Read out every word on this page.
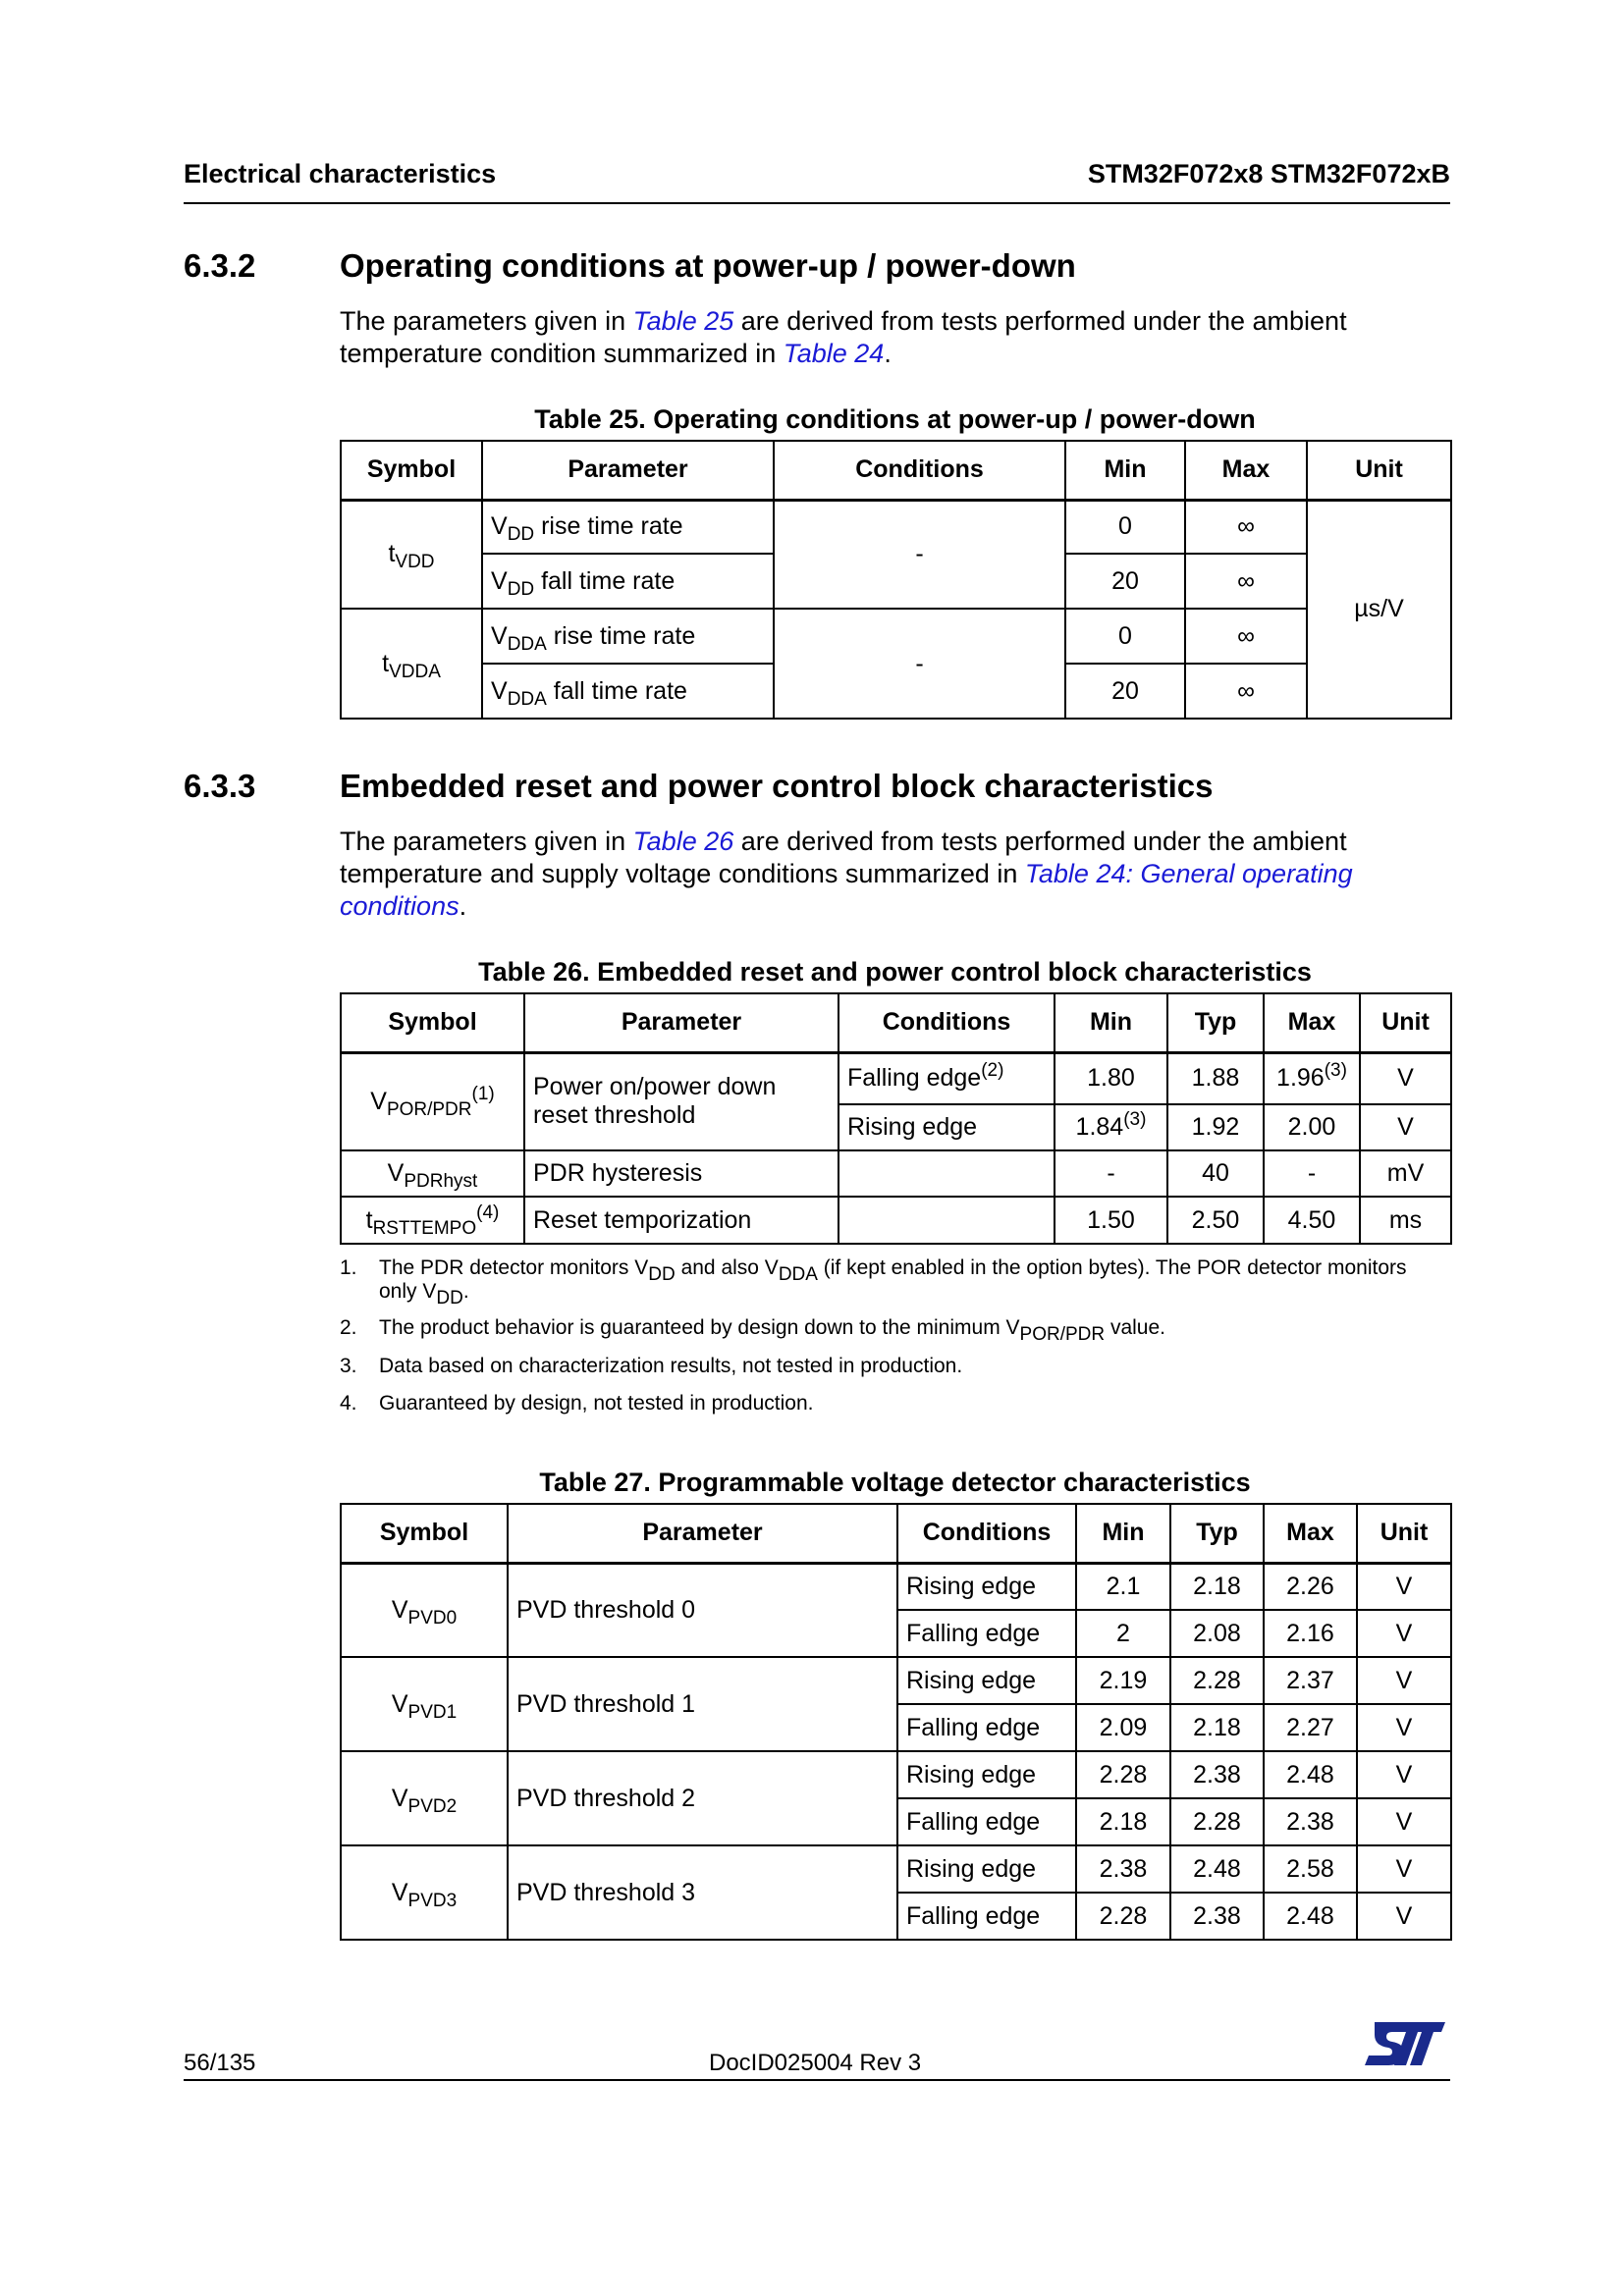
Electrical characteristics	STM32F072x8 STM32F072xB
6.3.2	Operating conditions at power-up / power-down
The parameters given in Table 25 are derived from tests performed under the ambient temperature condition summarized in Table 24.
Table 25. Operating conditions at power-up / power-down
Symbol	Parameter	Conditions	Min	Max	Unit
$t_{VDD}$	$V_{DD}$ rise time rate	-	0	∞	µs/V
	$V_{DD}$ fall time rate		20	∞	
$t_{VDDA}$	$V_{DDA}$ rise time rate	-	0	∞	
	$V_{DDA}$ fall time rate		20	∞	
6.3.3	Embedded reset and power control block characteristics
The parameters given in Table 26 are derived from tests performed under the ambient temperature and supply voltage conditions summarized in Table 24: General operating conditions.
Table 26. Embedded reset and power control block characteristics
Symbol	Parameter	Conditions	Min	Typ	Max	Unit
$V_{POR/PDR}^{(1)}$	Power on/power down reset threshold	Falling edge$^{(2)}$	1.80	1.88	1.96$^{(3)}$	V
		Rising edge	1.84$^{(3)}$	1.92	2.00	V
$V_{PDRhyst}$	PDR hysteresis		-	40	-	mV
$t_{RSTTEMPO}^{(4)}$	Reset temporization		1.50	2.50	4.50	ms
1. The PDR detector monitors $V_{DD}$ and also $V_{DDA}$ (if kept enabled in the option bytes). The POR detector monitors only $V_{DD}$.
2. The product behavior is guaranteed by design down to the minimum $V_{POR/PDR}$ value.
3. Data based on characterization results, not tested in production.
4. Guaranteed by design, not tested in production.
Table 27. Programmable voltage detector characteristics
Symbol	Parameter	Conditions	Min	Typ	Max	Unit
$V_{PVD0}$	PVD threshold 0	Rising edge	2.1	2.18	2.26	V
		Falling edge	2	2.08	2.16	V
$V_{PVD1}$	PVD threshold 1	Rising edge	2.19	2.28	2.37	V
		Falling edge	2.09	2.18	2.27	V
$V_{PVD2}$	PVD threshold 2	Rising edge	2.28	2.38	2.48	V
		Falling edge	2.18	2.28	2.38	V
$V_{PVD3}$	PVD threshold 3	Rising edge	2.38	2.48	2.58	V
		Falling edge	2.28	2.38	2.48	V
56/135	DocID025004 Rev 3
